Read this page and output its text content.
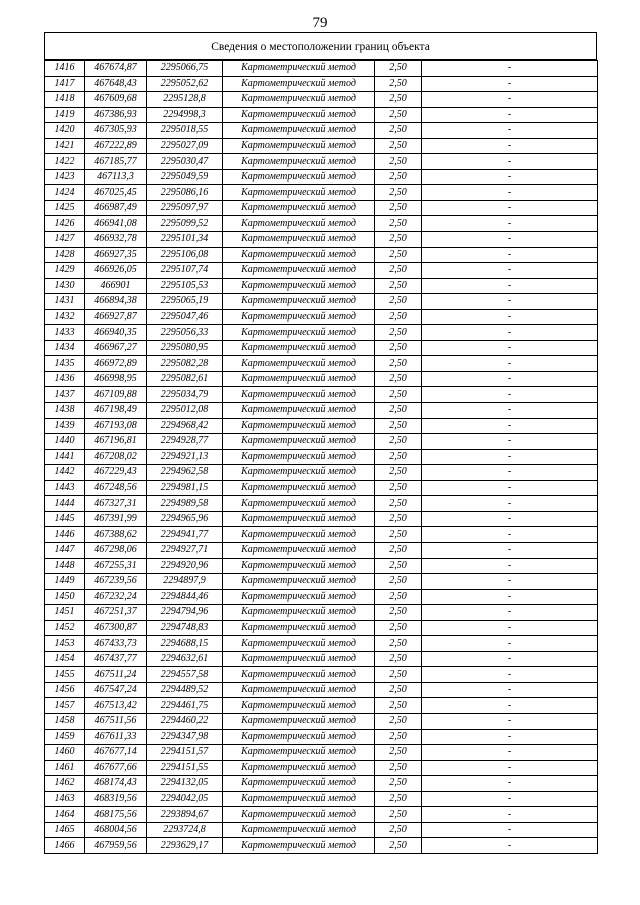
79
Сведения о местоположении границ объекта
1416	467674,87	2295066,75	Картометрический метод	2,50	-
1417	467648,43	2295052,62	Картометрический метод	2,50	-
1418	467609,68	2295128,8	Картометрический метод	2,50	-
1419	467386,93	2294998,3	Картометрический метод	2,50	-
1420	467305,93	2295018,55	Картометрический метод	2,50	-
1421	467222,89	2295027,09	Картометрический метод	2,50	-
1422	467185,77	2295030,47	Картометрический метод	2,50	-
1423	467113,3	2295049,59	Картометрический метод	2,50	-
1424	467025,45	2295086,16	Картометрический метод	2,50	-
1425	466987,49	2295097,97	Картометрический метод	2,50	-
1426	466941,08	2295099,52	Картометрический метод	2,50	-
1427	466932,78	2295101,34	Картометрический метод	2,50	-
1428	466927,35	2295106,08	Картометрический метод	2,50	-
1429	466926,05	2295107,74	Картометрический метод	2,50	-
1430	466901	2295105,53	Картометрический метод	2,50	-
1431	466894,38	2295065,19	Картометрический метод	2,50	-
1432	466927,87	2295047,46	Картометрический метод	2,50	-
1433	466940,35	2295056,33	Картометрический метод	2,50	-
1434	466967,27	2295080,95	Картометрический метод	2,50	-
1435	466972,89	2295082,28	Картометрический метод	2,50	-
1436	466998,95	2295082,61	Картометрический метод	2,50	-
1437	467109,88	2295034,79	Картометрический метод	2,50	-
1438	467198,49	2295012,08	Картометрический метод	2,50	-
1439	467193,08	2294968,42	Картометрический метод	2,50	-
1440	467196,81	2294928,77	Картометрический метод	2,50	-
1441	467208,02	2294921,13	Картометрический метод	2,50	-
1442	467229,43	2294962,58	Картометрический метод	2,50	-
1443	467248,56	2294981,15	Картометрический метод	2,50	-
1444	467327,31	2294989,58	Картометрический метод	2,50	-
1445	467391,99	2294965,96	Картометрический метод	2,50	-
1446	467388,62	2294941,77	Картометрический метод	2,50	-
1447	467298,06	2294927,71	Картометрический метод	2,50	-
1448	467255,31	2294920,96	Картометрический метод	2,50	-
1449	467239,56	2294897,9	Картометрический метод	2,50	-
1450	467232,24	2294844,46	Картометрический метод	2,50	-
1451	467251,37	2294794,96	Картометрический метод	2,50	-
1452	467300,87	2294748,83	Картометрический метод	2,50	-
1453	467433,73	2294688,15	Картометрический метод	2,50	-
1454	467437,77	2294632,61	Картометрический метод	2,50	-
1455	467511,24	2294557,58	Картометрический метод	2,50	-
1456	467547,24	2294489,52	Картометрический метод	2,50	-
1457	467513,42	2294461,75	Картометрический метод	2,50	-
1458	467511,56	2294460,22	Картометрический метод	2,50	-
1459	467611,33	2294347,98	Картометрический метод	2,50	-
1460	467677,14	2294151,57	Картометрический метод	2,50	-
1461	467677,66	2294151,55	Картометрический метод	2,50	-
1462	468174,43	2294132,05	Картометрический метод	2,50	-
1463	468319,56	2294042,05	Картометрический метод	2,50	-
1464	468175,56	2293894,67	Картометрический метод	2,50	-
1465	468004,56	2293724,8	Картометрический метод	2,50	-
1466	467959,56	2293629,17	Картометрический метод	2,50	-
